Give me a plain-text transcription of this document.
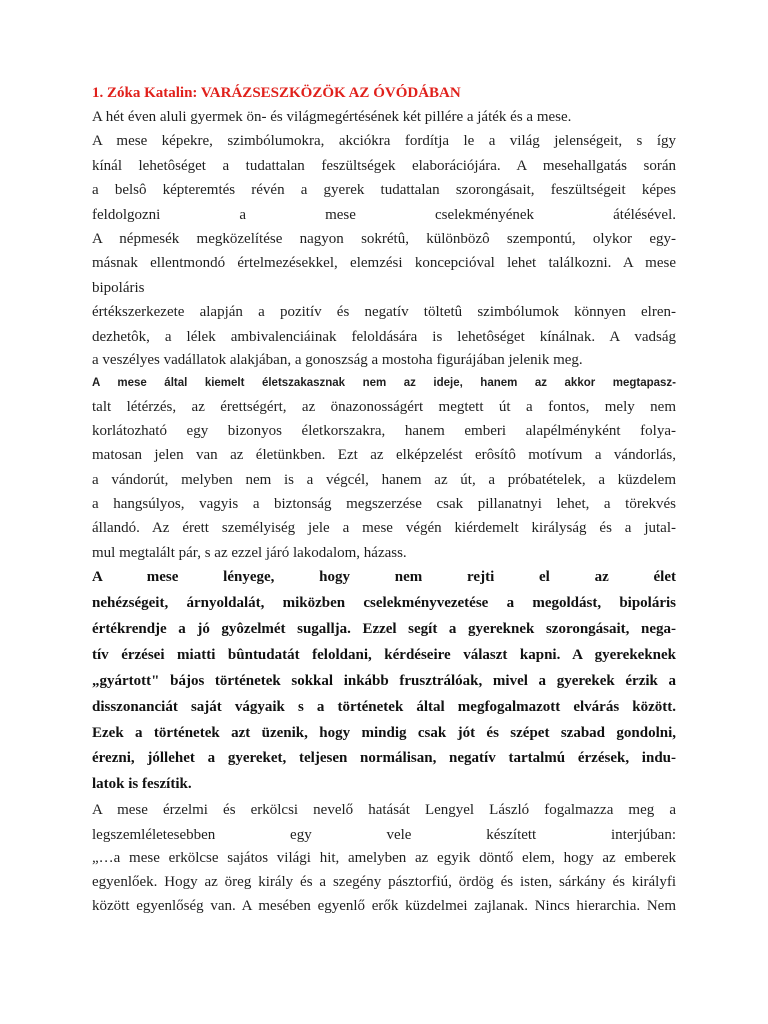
1. Zóka Katalin: VARÁZSESZKÖZÖK AZ ÓVÓDÁBAN
A hét éven aluli gyermek ön- és világmegértésének két pillére a játék és a mese.
A mese képekre, szimbólumokra, akciókra fordítja le a világ jelenségeit, s így
kínál lehetôséget a tudattalan feszültségek elaborációjára. A mesehallgatás során
a belsô képteremtés révén a gyerek tudattalan szorongásait, feszültségeit képes
feldolgozni a mese cselekményének átélésével.
A népmesék megközelítése nagyon sokrétû, különbözô szempontú, olykor egy-
másnak ellentmondó értelmezésekkel, elemzési koncepcióval lehet találkozni. A mese
bipoláris
értékszerkezete alapján a pozitív és negatív töltetû szimbólumok könnyen elren-
dezhetôk, a lélek ambivalenciáinak feloldására is lehetôséget kínálnak. A vadság
a veszélyes vadállatok alakjában, a gonoszság a mostoha figurájában jelenik meg.
A mese által kiemelt életszakasznak nem az ideje, hanem az akkor megtapasz-
talt létérzés, az érettségért, az önazonosságért megtett út a fontos, mely nem
korlátozható egy bizonyos életkorszakra, hanem emberi alapélményként folya-
matosan jelen van az életünkben. Ezt az elképzelést erôsítô motívum a vándorlás,
a vándorút, melyben nem is a végcél, hanem az út, a próbatételek, a küzdelem
a hangsúlyos, vagyis a biztonság megszerzése csak pillanatnyi lehet, a törekvés
állandó. Az érett személyiség jele a mese végén kiérdemelt királyság és a jutal-
mul megtalált pár, s az ezzel járó lakodalom, házass.
A mese lényege, hogy nem rejti el az élet
nehézségeit, árnyoldalát, miközben cselekményvezetése a megoldást, bipoláris
értékrendje a jó gyôzelmét sugallja. Ezzel segít a gyereknek szorongásait, nega-
tív érzései miatti bûntudatát feloldani, kérdéseire választ kapni. A gyerekeknek
„gyártott" bájos történetek sokkal inkább frusztrálóak, mivel a gyerekek érzik a
disszonanciát saját vágyaik s a történetek által megfogalmazott elvárás között.
Ezek a történetek azt üzenik, hogy mindig csak jót és szépet szabad gondolni,
érezni, jóllehet a gyereket, teljesen normálisan, negatív tartalmú érzések, indu-
latok is feszítik.
A mese érzelmi és erkölcsi nevelő hatását Lengyel László fogalmazza meg a
legszemléletesebben egy vele készített interjúban:
„…a mese erkölcse sajátos világi hit, amelyben az egyik döntő elem, hogy az emberek
egyenlőek. Hogy az öreg király és a szegény pásztorfiú, ördög és isten, sárkány és királyfi
között egyenlőség van. A mesében egyenlő erők küzdelmei zajlanak. Nincs hierarchia. Nem
